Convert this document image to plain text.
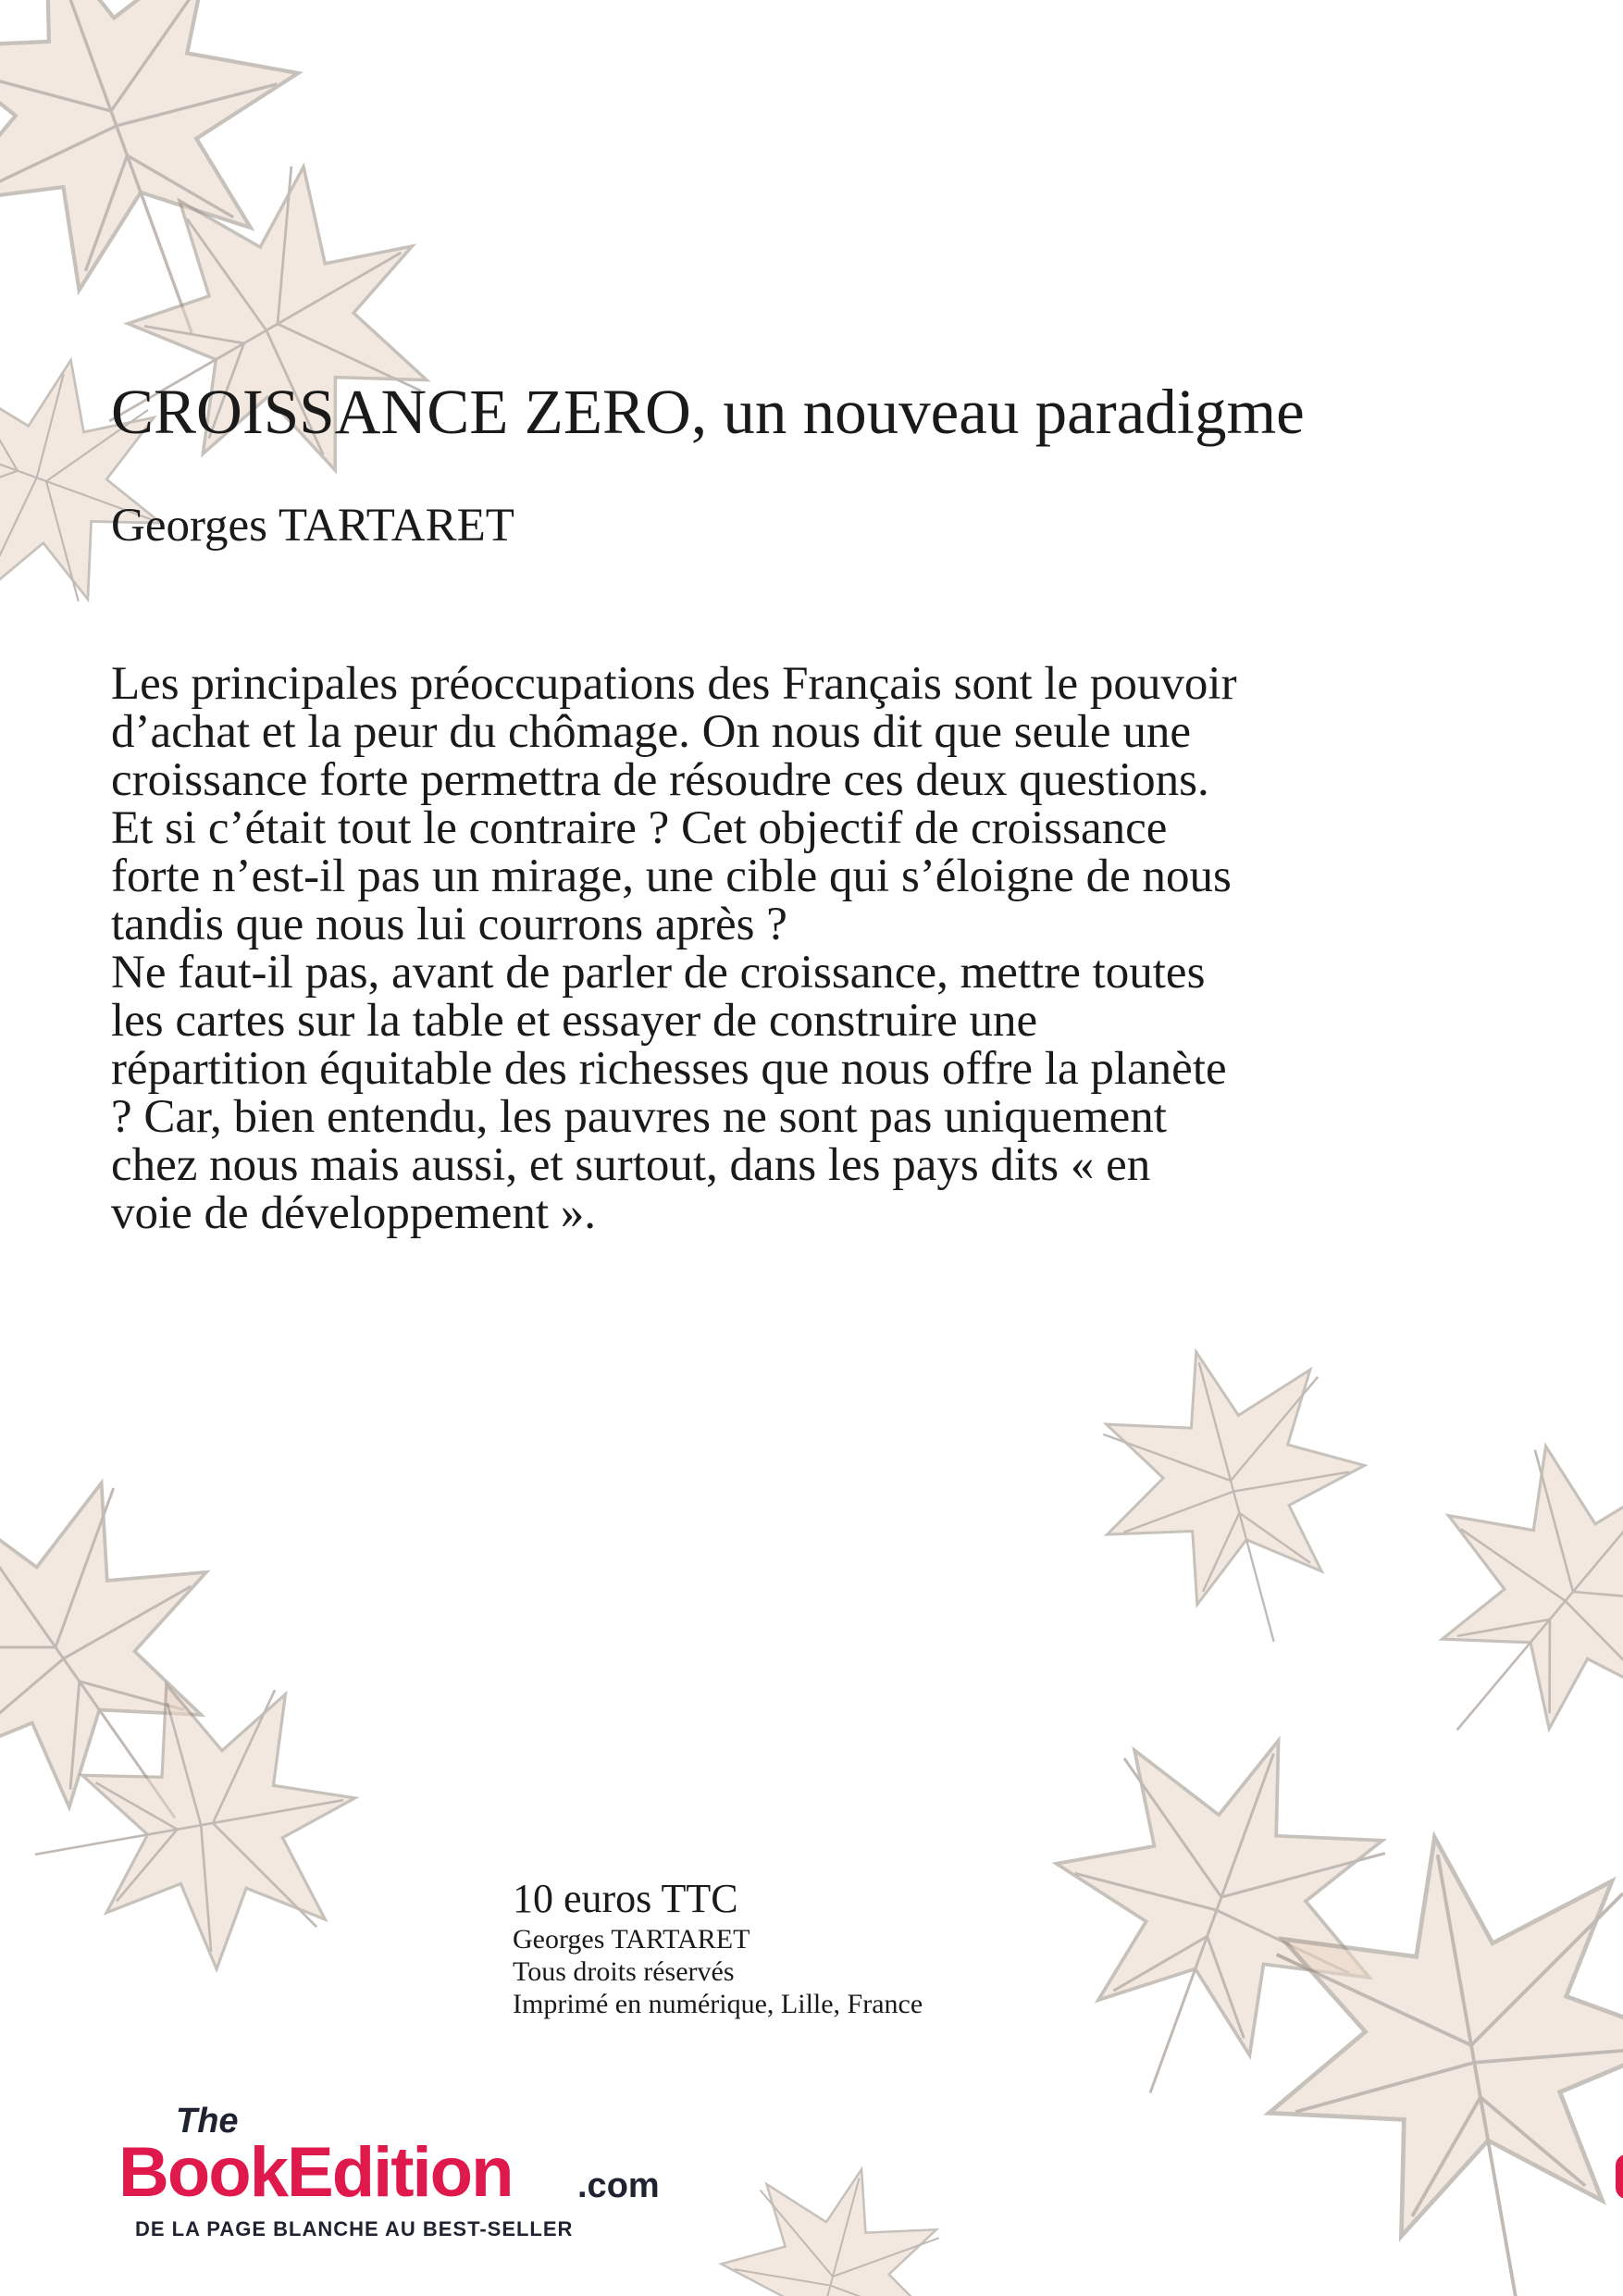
CROISSANCE ZERO, un nouveau paradigme
Georges TARTARET

Les principales préoccupations des Français sont le pouvoir d’achat et la peur du chômage. On nous dit que seule une croissance forte permettra de résoudre ces deux questions. Et si c’était tout le contraire ? Cet objectif de croissance forte n’est-il pas un mirage, une cible qui s’éloigne de nous tandis que nous lui courrons après ?

Ne faut-il pas, avant de parler de croissance, mettre toutes les cartes sur la table et essayer de construire une répartition équitable des richesses que nous offre la planète ? Car, bien entendu, les pauvres ne sont pas uniquement chez nous mais aussi, et surtout, dans les pays dits « en voie de développement ».

10 euros TTC
Georges TARTARET
Tous droits réservés
Imprimé en numérique, Lille, France
The
BookEdition .com
DE LA PAGE BLANCHE AU BEST-SELLER
